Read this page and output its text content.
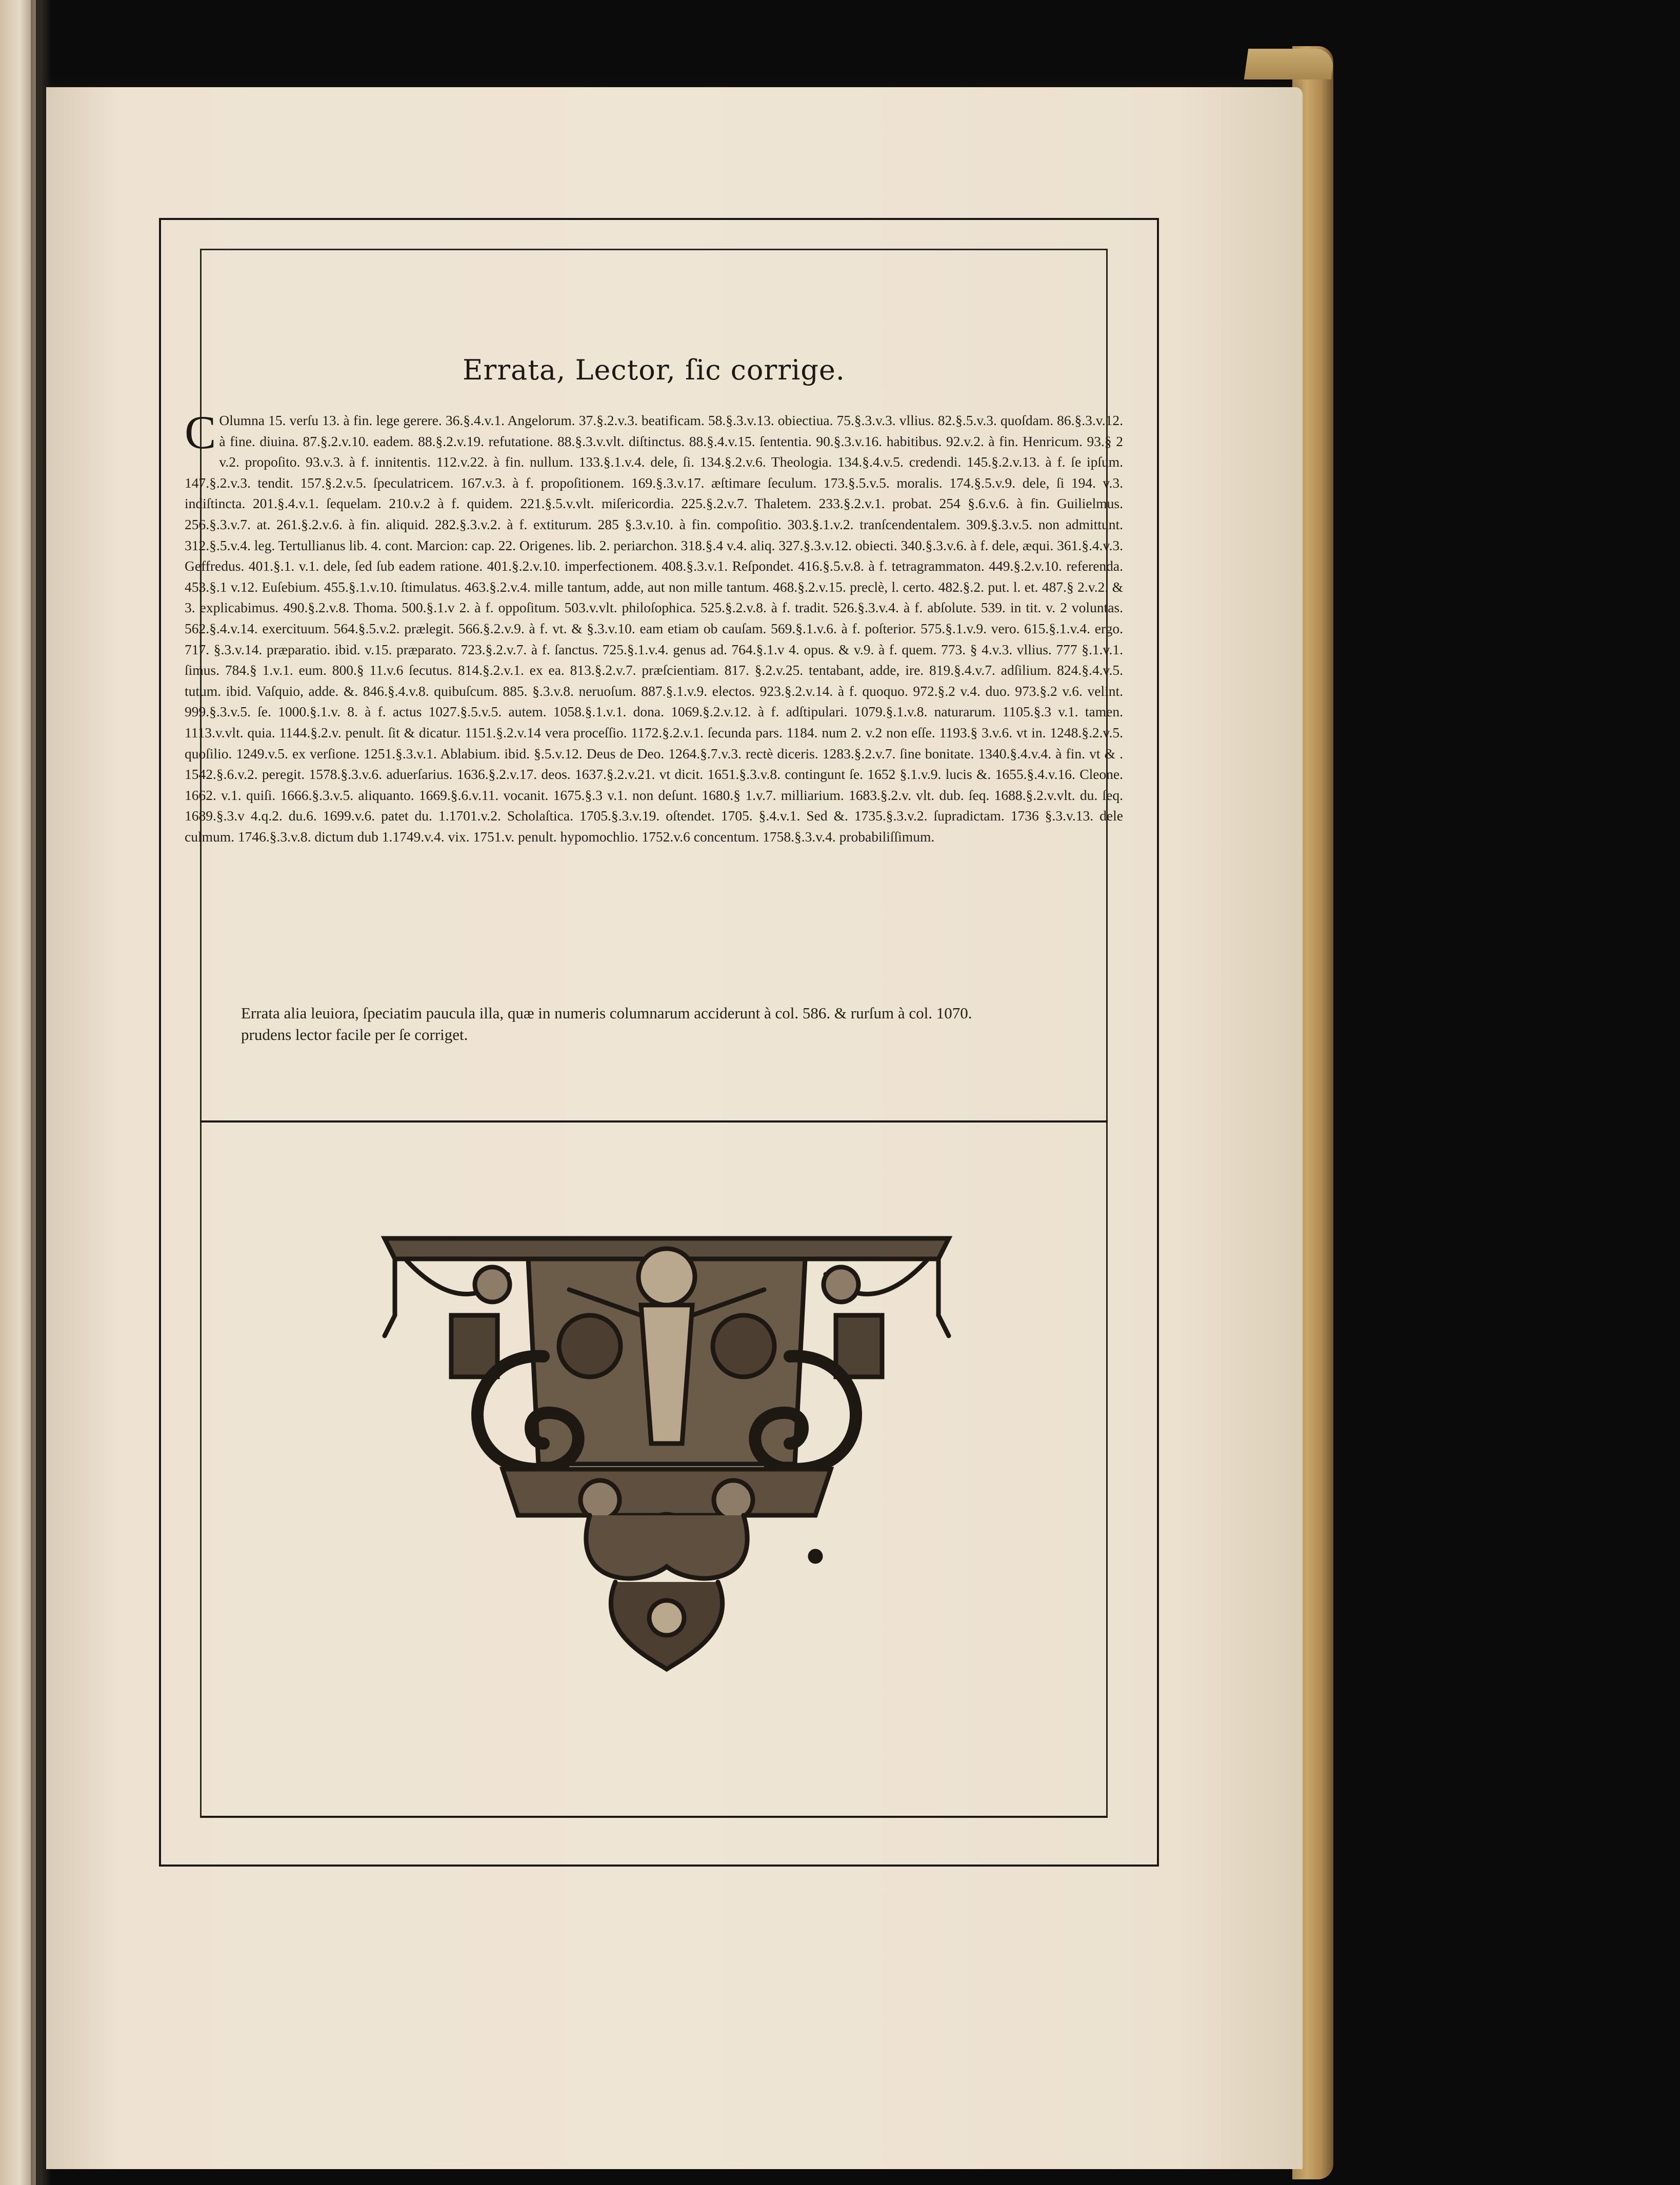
Errata, Lector, ſic corrige.
C Olumna 15. verſu 13. à fin. lege gerere. 36.§.4.v.1. Angelorum. 37.§.2.v.3. beatificam. 58.§.3.v.13. obiectiua. 75.§.3.v.3. vllius. 82.§.5.v.3. quoſdam. 86.§.3.v.12. à fine. diuina. 87.§.2.v.10. eadem. 88.§.2.v.19. refutatione. 88.§.3.v.vlt. diſtinctus. 88.§.4.v.15. ſententia. 90.§.3.v.16. habitibus. 92.v.2. à fin. Henricum. 93.§ 2 v.2. propoſito. 93.v.3. à f. innitentis. 112.v.22. à fin. nullum. 133.§.1.v.4. dele, ſi. 134.§.2.v.6. Theologia. 134.§.4.v.5. credendi. 145.§.2.v.13. à f. ſe ipſum. 147.§.2.v.3. tendit. 157.§.2.v.5. ſpeculatricem. 167.v.3. à f. propoſitionem. 169.§.3.v.17. æſtimare ſeculum. 173.§.5.v.5. moralis. 174.§.5.v.9. dele, ſi 194. v.3. indiſtincta. 201.§.4.v.1. ſequelam. 210.v.2 à f. quidem. 221.§.5.v.vlt. miſericordia. 225.§.2.v.7. Thaletem. 233.§.2.v.1. probat. 254 §.6.v.6. à fin. Guilielmus. 256.§.3.v.7. at. 261.§.2.v.6. à fin. aliquid. 282.§.3.v.2. à f. extiturum. 285 §.3.v.10. à fin. compoſitio. 303.§.1.v.2. tranſcendentalem. 309.§.3.v.5. non admittunt. 312.§.5.v.4. leg. Tertullianus lib. 4. cont. Marcion: cap. 22. Origenes. lib. 2. periarchon. 318.§.4 v.4. aliq. 327.§.3.v.12. obiecti. 340.§.3.v.6. à f. dele, æqui. 361.§.4.v.3. Geffredus. 401.§.1. v.1. dele, ſed ſub eadem ratione. 401.§.2.v.10. imperfectionem. 408.§.3.v.1. Reſpondet. 416.§.5.v.8. à f. tetragrammaton. 449.§.2.v.10. referenda. 453.§.1 v.12. Euſebium. 455.§.1.v.10. ſtimulatus. 463.§.2.v.4. mille tantum, adde, aut non mille tantum. 468.§.2.v.15. preclè, l. certo. 482.§.2. put. l. et. 487.§ 2.v.2. & 3. explicabimus. 490.§.2.v.8. Thoma. 500.§.1.v 2. à f. oppoſitum. 503.v.vlt. philoſophica. 525.§.2.v.8. à f. tradit. 526.§.3.v.4. à f. abſolute. 539. in tit. v. 2 voluntas. 562.§.4.v.14. exercituum. 564.§.5.v.2. prælegit. 566.§.2.v.9. à f. vt. & §.3.v.10. eam etiam ob cauſam. 569.§.1.v.6. à f. poſterior. 575.§.1.v.9. vero. 615.§.1.v.4. ergo. 717. §.3.v.14. præparatio. ibid. v.15. præparato. 723.§.2.v.7. à f. ſanctus. 725.§.1.v.4. genus ad. 764.§.1.v 4. opus. & v.9. à f. quem. 773. § 4.v.3. vllius. 777 §.1.v.1. ſimus. 784.§ 1.v.1. eum. 800.§ 11.v.6 ſecutus. 814.§.2.v.1. ex ea. 813.§.2.v.7. præſcientiam. 817. §.2.v.25. tentabant, adde, ire. 819.§.4.v.7. adſilium. 824.§.4.v.5. tutum. ibid. Vaſquio, adde. &. 846.§.4.v.8. quibuſcum. 885. §.3.v.8. neruoſum. 887.§.1.v.9. electos. 923.§.2.v.14. à f. quoquo. 972.§.2 v.4. duo. 973.§.2 v.6. velint. 999.§.3.v.5. ſe. 1000.§.1.v. 8. à f. actus 1027.§.5.v.5. autem. 1058.§.1.v.1. dona. 1069.§.2.v.12. à f. adſtipulari. 1079.§.1.v.8. naturarum. 1105.§.3 v.1. tamen. 1113.v.vlt. quia. 1144.§.2.v. penult. ſit & dicatur. 1151.§.2.v.14 vera proceſſio. 1172.§.2.v.1. ſecunda pars. 1184. num 2. v.2 non eſſe. 1193.§ 3.v.6. vt in. 1248.§.2.v.5. quoſilio. 1249.v.5. ex verſione. 1251.§.3.v.1. Ablabium. ibid. §.5.v.12. Deus de Deo. 1264.§.7.v.3. rectè diceris. 1283.§.2.v.7. ſine bonitate. 1340.§.4.v.4. à fin. vt & . 1542.§.6.v.2. peregit. 1578.§.3.v.6. aduerſarius. 1636.§.2.v.17. deos. 1637.§.2.v.21. vt dicit. 1651.§.3.v.8. contingunt ſe. 1652 §.1.v.9. lucis &. 1655.§.4.v.16. Cleone. 1662. v.1. quiſi. 1666.§.3.v.5. aliquanto. 1669.§.6.v.11. vocanit. 1675.§.3 v.1. non deſunt. 1680.§ 1.v.7. milliarium. 1683.§.2.v. vlt. dub. ſeq. 1688.§.2.v.vlt. du. ſeq. 1689.§.3.v 4.q.2. du.6. 1699.v.6. patet du. 1.1701.v.2. Scholaſtica. 1705.§.3.v.19. oſtendet. 1705. §.4.v.1. Sed &. 1735.§.3.v.2. ſupradictam. 1736 §.3.v.13. dele culmum. 1746.§.3.v.8. dictum dub 1.1749.v.4. vix. 1751.v. penult. hypomochlio. 1752.v.6 concentum. 1758.§.3.v.4. probabiliſſimum.
Errata alia leuiora, ſpeciatim paucula illa, quæ in numeris columnarum acciderunt à col. 586. & rurſum à col. 1070.
prudens lector facile per ſe corriget.
